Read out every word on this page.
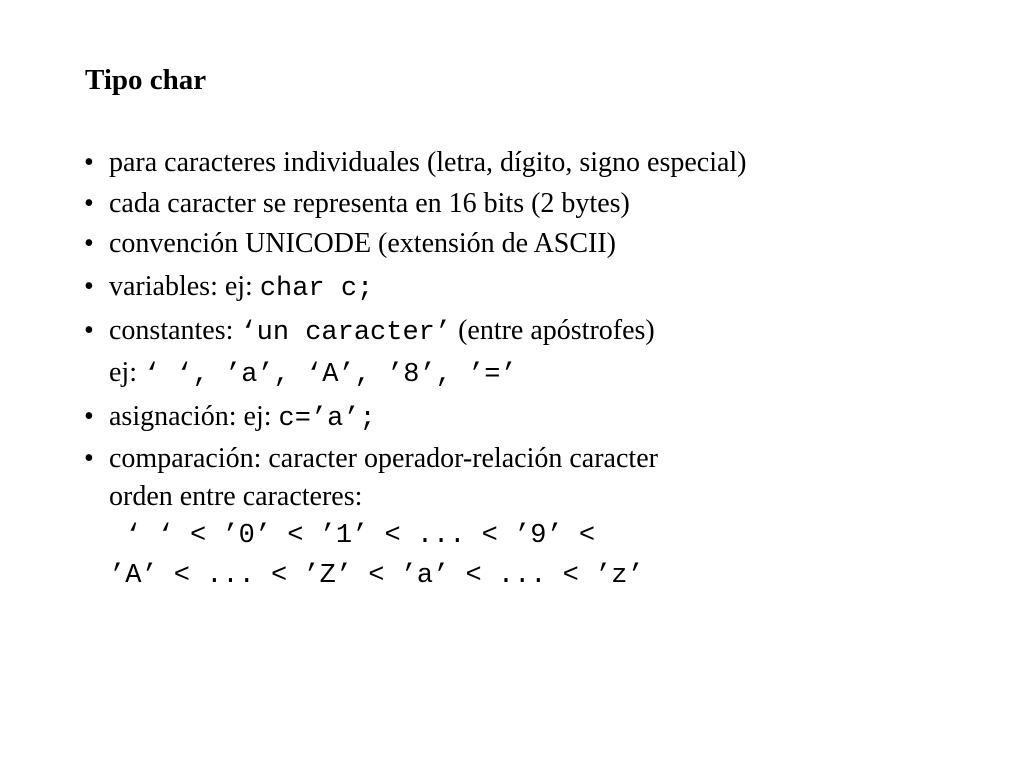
Tipo char
• para caracteres individuales (letra, dígito, signo especial)
• cada caracter se representa en 16 bits (2 bytes)
• convención UNICODE (extensión de ASCII)
• variables: ej: char c;
• constantes: ‘un caracter’ (entre apóstrofes)
ej: ‘ ‘, ’a’, ‘A’, ’8’, ’=’
• asignación: ej: c=’a’;
• comparación: caracter operador-relación caracter
orden entre caracteres:
‘ ‘ < ’0’ < ’1’ < ... < ’9’ <
’A’ < ... < ’Z’ < ’a’ < ... < ’z’
